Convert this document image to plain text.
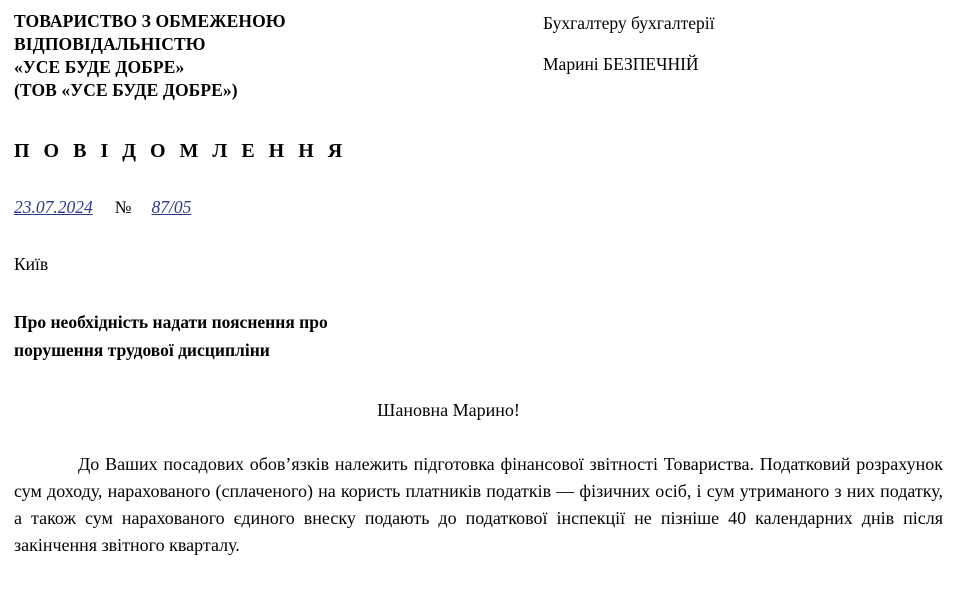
ТОВАРИСТВО З ОБМЕЖЕНОЮ
ВІДПОВІДАЛЬНІСТЮ
«УСЕ БУДЕ ДОБРЕ»
(ТОВ «УСЕ БУДЕ ДОБРЕ»)
Бухгалтеру бухгалтерії
Марині БЕЗПЕЧНІЙ
П О В І Д О М Л Е Н Н Я
23.07.2024 № 87/05
Київ
Про необхідність надати пояснення про порушення трудової дисципліни
Шановна Марино!
До Ваших посадових обов’язків належить підготовка фінансової звітності Товариства. Податковий розрахунок сум доходу, нарахованого (сплаченого) на користь платників податків — фізичних осіб, і сум утриманого з них податку, а також сум нарахованого єдиного внеску подають до податкової інспекції не пізніше 40 календарних днів після закінчення звітного кварталу.
